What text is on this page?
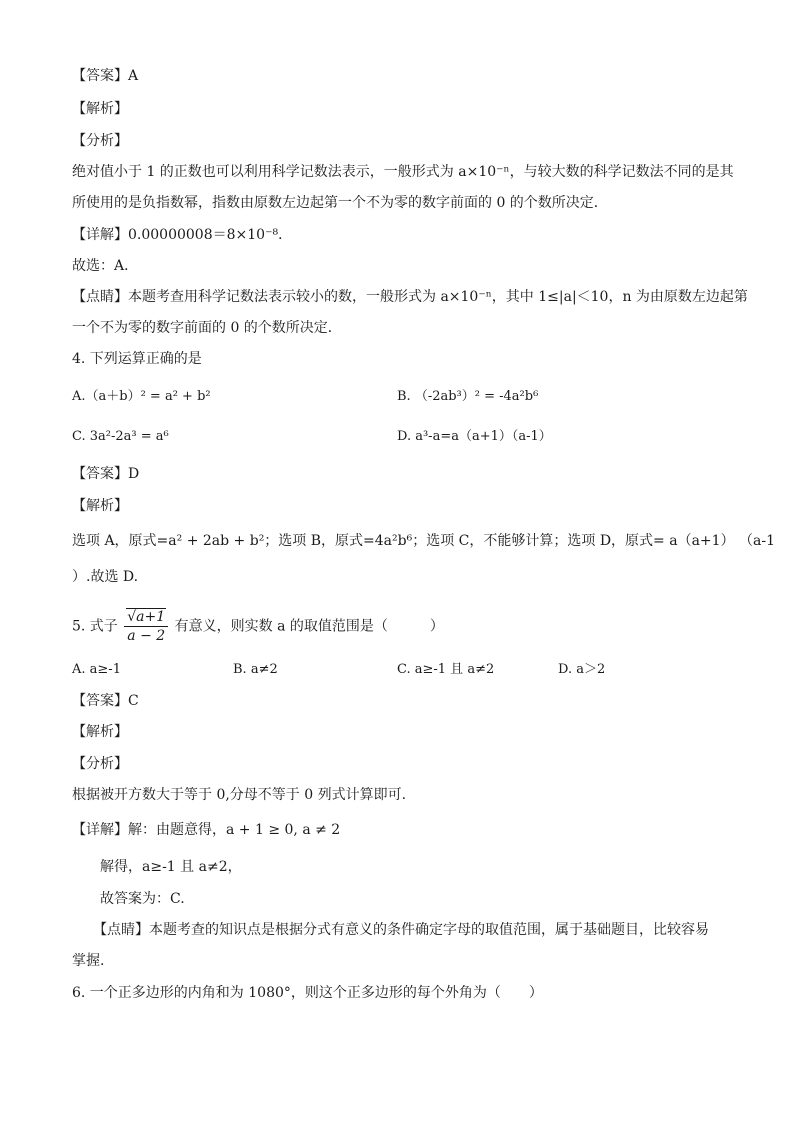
【答案】A
【解析】
【分析】
绝对值小于 1 的正数也可以利用科学记数法表示，一般形式为 a×10⁻ⁿ，与较大数的科学记数法不同的是其
所使用的是负指数幂，指数由原数左边起第一个不为零的数字前面的 0 的个数所决定．
【详解】0.00000008＝8×10⁻⁸．
故选：A．
【点睛】本题考查用科学记数法表示较小的数，一般形式为 a×10⁻ⁿ，其中 1≤|a|＜10，n 为由原数左边起第
一个不为零的数字前面的 0 的个数所决定．
4. 下列运算正确的是
A.（a＋b）² = a² + b²	B. （-2ab³）² = -4a²b⁶
C. 3a²-2a³ = a⁶	D. a³-a=a（a+1）（a-1）
【答案】D
【解析】
选项 A，原式=a² + 2ab + b²；选项 B，原式=4a²b⁶；选项 C，不能够计算；选项 D，原式= a（a+1） （a-1
）.故选 D.
5. 式子 $\frac{√a+1}{a - 2}$ 有意义，则实数 a 的取值范围是（　　　）
A. a≥-1	B. a≠2	C. a≥-1 且 a≠2	D. a＞2
【答案】C
【解析】
【分析】
根据被开方数大于等于 0,分母不等于 0 列式计算即可.
【详解】解：由题意得，a + 1 ≥ 0, a ≠ 2
解得，a≥-1 且 a≠2，
故答案为：C.
【点睛】本题考查的知识点是根据分式有意义的条件确定字母的取值范围，属于基础题目，比较容易
掌握.
6. 一个正多边形的内角和为 1080°，则这个正多边形的每个外角为（　　）
